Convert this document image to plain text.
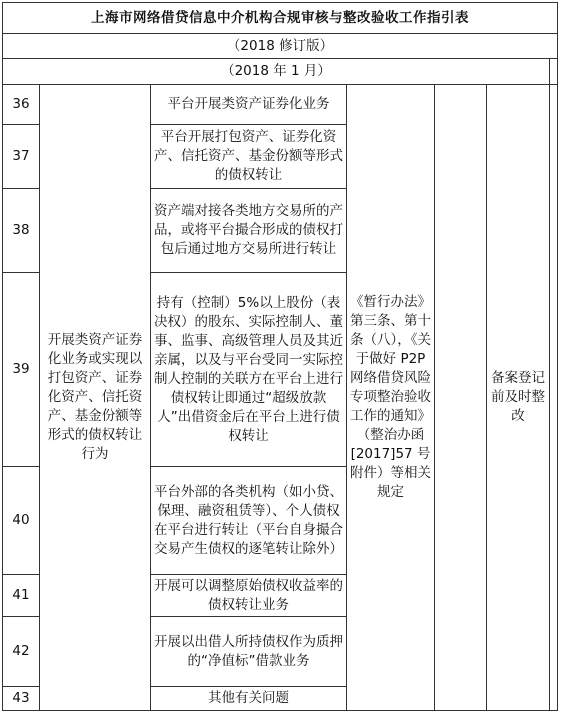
上海市网络借贷信息中介机构合规审核与整改验收工作指引表						
（2018 修订版）						
（2018 年 1 月）						
36	开展类资产证券化业务或实现以打包资产、证券化资产、信托资产、基金份额等形式的债权转让行为	平台开展类资产证券化业务	《暂行办法》第三条、第十条（八），《关于做好 P2P 网络借贷风险专项整治验收工作的通知》（整治办函[2017]57 号附件）等相关规定		备案登记前及时整改	
37		平台开展打包资产、证券化资产、信托资产、基金份额等形式的债权转让				
38		资产端对接各类地方交易所的产品，或将平台撮合形成的债权打包后通过地方交易所进行转让				
39		持有（控制）5%以上股份（表决权）的股东、实际控制人、董事、监事、高级管理人员及其近亲属，以及与平台受同一实际控制人控制的关联方在平台上进行债权转让即通过“超级放款人”出借资金后在平台上进行债权转让				
40		平台外部的各类机构（如小贷、保理、融资租赁等）、个人债权在平台进行转让（平台自身撮合交易产生债权的逐笔转让除外）				
41		开展可以调整原始债权收益率的债权转让业务				
42		开展以出借人所持债权作为质押的“净值标”借款业务				
43		其他有关问题				
